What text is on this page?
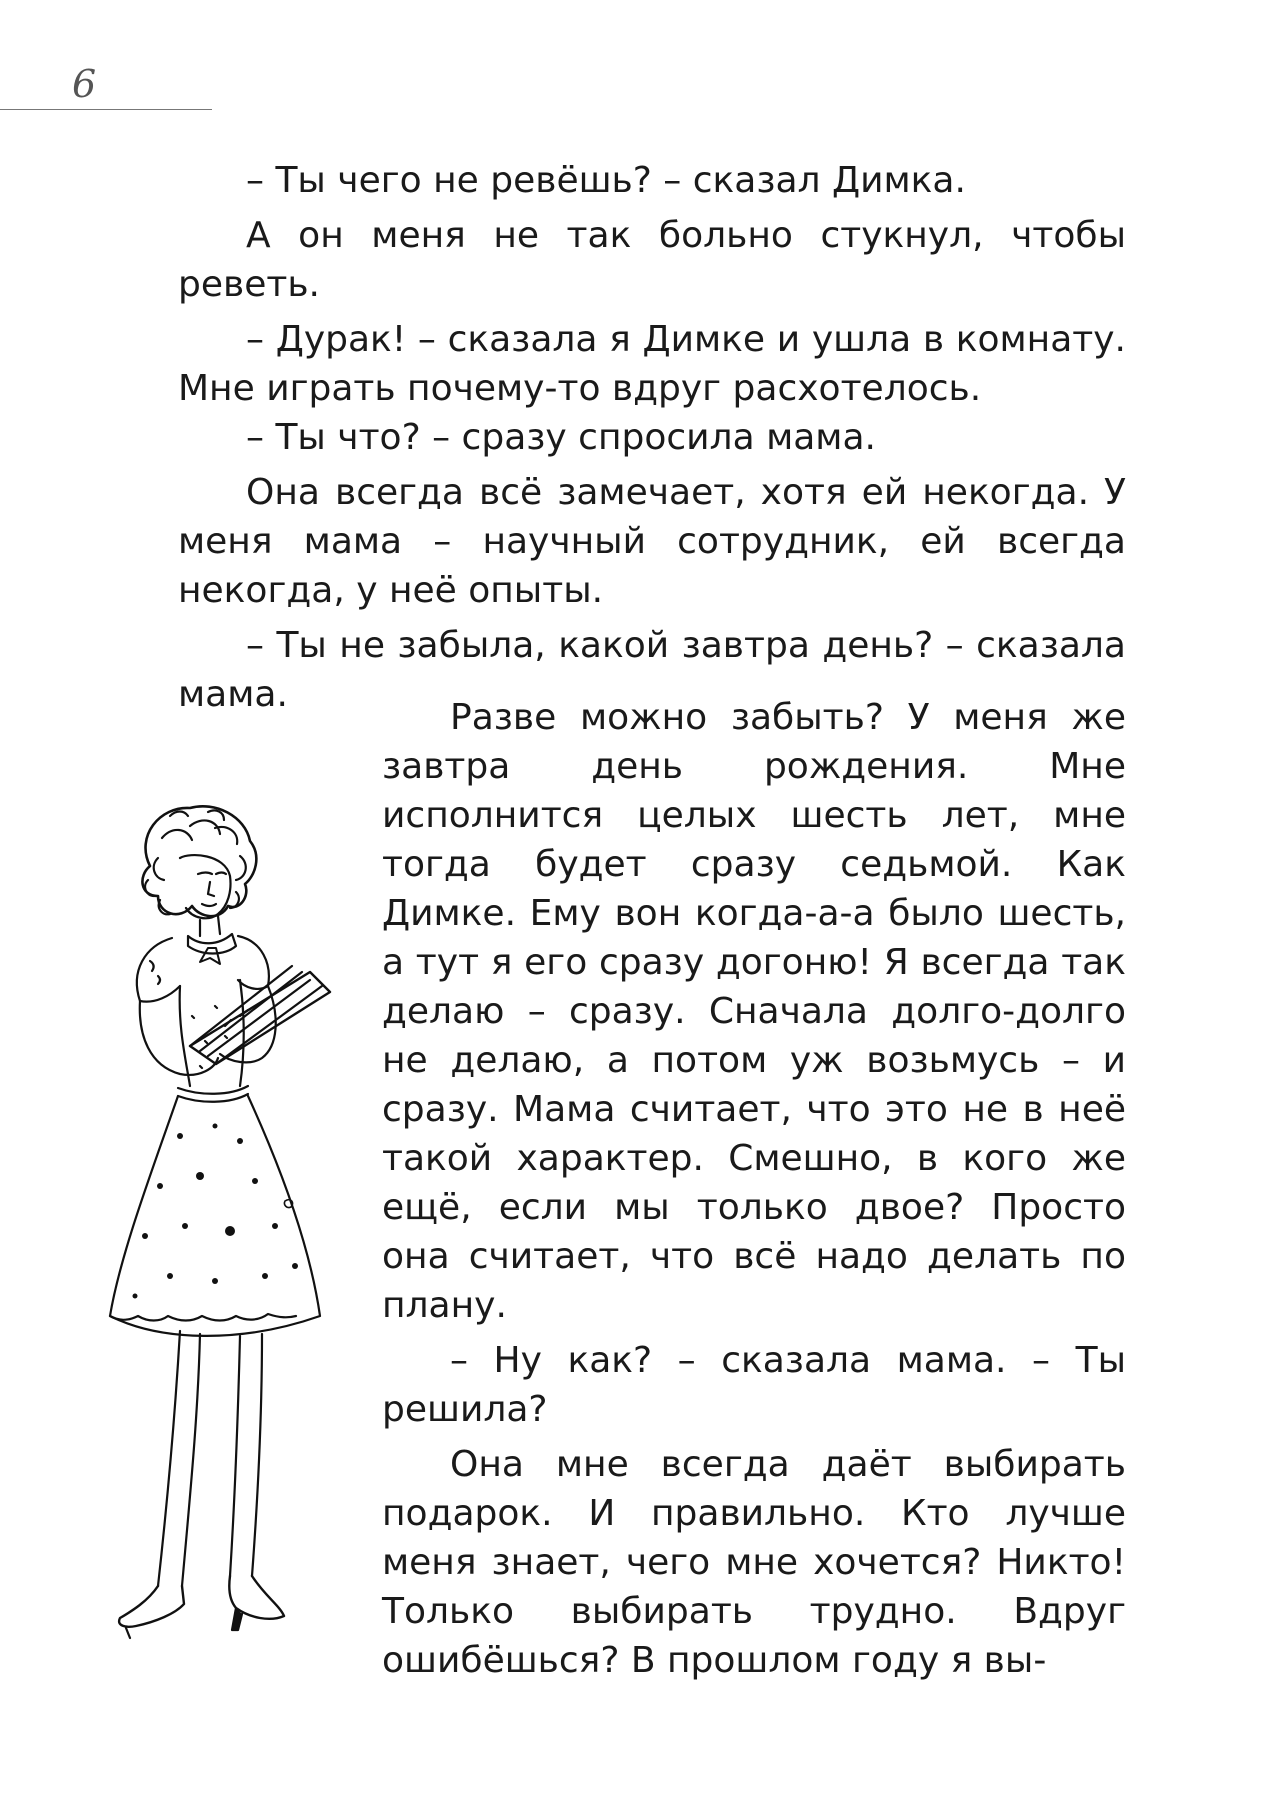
6

– Ты чего не ревёшь? – сказал Димка.

А он меня не так больно стукнул, чтобы реветь.

– Дурак! – сказала я Димке и ушла в комнату. Мне играть почему-то вдруг расхотелось.

– Ты что? – сразу спросила мама.

Она всегда всё замечает, хотя ей некогда. У меня мама – научный сотрудник, ей всегда некогда, у неё опыты.

– Ты не забыла, какой завтра день? – сказала мама.

Разве можно забыть? У меня же завтра день рождения. Мне исполнится целых шесть лет, мне тогда будет сразу седьмой. Как Димке. Ему вон когда-а-а было шесть, а тут я его сразу догоню! Я всегда так делаю – сразу. Сначала долго-долго не делаю, а потом уж возьмусь – и сразу. Мама считает, что это не в неё такой характер. Смешно, в кого же ещё, если мы только двое? Просто она считает, что всё надо делать по плану.

– Ну как? – сказала мама. – Ты решила?

Она мне всегда даёт выбирать подарок. И правильно. Кто лучше меня знает, чего мне хочется? Никто! Только выбирать трудно. Вдруг ошибёшься? В прошлом году я вы-
